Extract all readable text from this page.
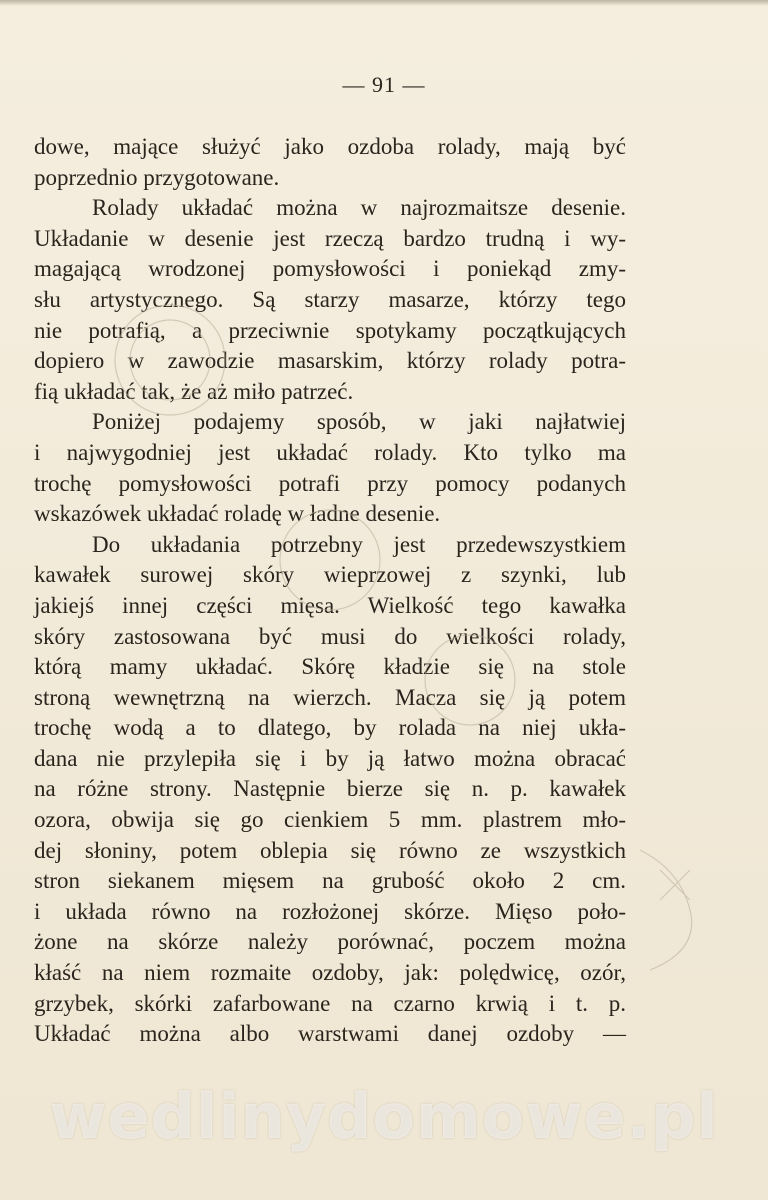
— 91 —
dowe, mające służyć jako ozdoba rolady, mają być
poprzednio przygotowane.
Rolady układać można w najrozmaitsze desenie.
Układanie w desenie jest rzeczą bardzo trudną i wy-
magającą wrodzonej pomysłowości i poniekąd zmy-
słu artystycznego. Są starzy masarze, którzy tego
nie potrafią, a przeciwnie spotykamy początkujących
dopiero w zawodzie masarskim, którzy rolady potra-
fią układać tak, że aż miło patrzeć.
Poniżej podajemy sposób, w jaki najłatwiej
i najwygodniej jest układać rolady. Kto tylko ma
trochę pomysłowości potrafi przy pomocy podanych
wskazówek układać roladę w ładne desenie.
Do układania potrzebny jest przedewszystkiem
kawałek surowej skóry wieprzowej z szynki, lub
jakiejś innej części mięsa. Wielkość tego kawałka
skóry zastosowana być musi do wielkości rolady,
którą mamy układać. Skórę kładzie się na stole
stroną wewnętrzną na wierzch. Macza się ją potem
trochę wodą a to dlatego, by rolada na niej ukła-
dana nie przylepiła się i by ją łatwo można obracać
na różne strony. Następnie bierze się n. p. kawałek
ozora, obwija się go cienkiem 5 mm. plastrem mło-
dej słoniny, potem oblepia się równo ze wszystkich
stron siekanem mięsem na grubość około 2 cm.
i układa równo na rozłożonej skórze. Mięso poło-
żone na skórze należy porównać, poczem można
kłaść na niem rozmaite ozdoby, jak: polędwicę, ozór,
grzybek, skórki zafarbowane na czarno krwią i t. p.
Układać można albo warstwami danej ozdoby —
wedlinydomowe.pl
